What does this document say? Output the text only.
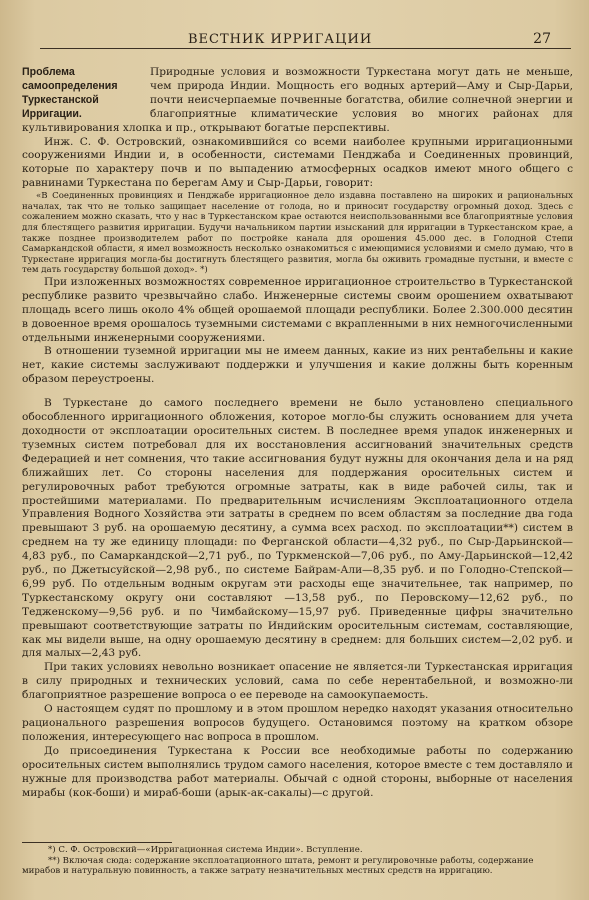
ВЕСТНИК ИРРИГАЦИИ	27
Проблема самоопределения Туркестанской Ирригации.

Природные условия и возможности Туркестана могут дать не меньше, чем природа Индии. Мощность его водных артерий—Аму и Сыр-Дарьи, почти неисчерпаемые почвенные богатства, обилие солнечной энергии и благоприятные климатические условия во многих районах для культивирования хлопка и пр., открывают богатые перспективы.

Инж. С. Ф. Островский, ознакомившийся со всеми наиболее крупными ирригационными сооружениями Индии и, в особенности, системами Пенджаба и Соединенных провинций, которые по характеру почв и по выпадению атмосферных осадков имеют много общего с равнинами Туркестана по берегам Аму и Сыр-Дарьи, говорит:

«В Соединенных провинциях и Пенджабе ирригационное дело издавна поставлено на широких и рациональных началах, так что не только защищает население от голода, но и приносит государству огромный доход. Здесь с сожалением можно сказать, что у нас в Туркестанском крае остаются неиспользованными все благоприятные условия для блестящего развития ирригации. Будучи начальником партии изысканий для ирригации в Туркестанском крае, а также позднее производителем работ по постройке канала для орошения 45.000 дес. в Голодной Степи Самаркандской области, я имел возможность несколько ознакомиться с имеющимися условиями и смело думаю, что в Туркестане ирригация могла-бы достигнуть блестящего развития, могла бы оживить громадные пустыни, и вместе с тем дать государству большой доход». *)

При изложенных возможностях современное ирригационное строительство в Туркестанской республике развито чрезвычайно слабо. Инженерные системы своим орошением охватывают площадь всего лишь около 4% общей орошаемой площади республики. Более 2.300.000 десятин в довоенное время орошалось туземными системами с вкрапленными в них немногочисленными отдельными инженерными сооружениями.

В отношении туземной ирригации мы не имеем данных, какие из них рентабельны и какие нет, какие системы заслуживают поддержки и улучшения и какие должны быть коренным образом переустроены.

В Туркестане до самого последнего времени не было установлено специального обособленного ирригационного обложения, которое могло-бы служить основанием для учета доходности от эксплоатации оросительных систем. В последнее время упадок инженерных и туземных систем потребовал для их восстановления ассигнований значительных средств Федерацией и нет сомнения, что такие ассигнования будут нужны для окончания дела и на ряд ближайших лет. Со стороны населения для поддержания оросительных систем и регулировочных работ требуются огромные затраты, как в виде рабочей силы, так и простейшими материалами. По предварительным исчислениям Эксплоатационного отдела Управления Водного Хозяйства эти затраты в среднем по всем областям за последние два года превышают 3 руб. на орошаемую десятину, а сумма всех расход. по эксплоатации**) систем в среднем на ту же единицу площади: по Ферганской области—4,32 руб., по Сыр-Дарьинской—4,83 руб., по Самаркандской—2,71 руб., по Туркменской—7,06 руб., по Аму-Дарьинской—12,42 руб., по Джетысуйской—2,98 руб., по системе Байрам-Али—8,35 руб. и по Голодно-Степской—6,99 руб. По отдельным водным округам эти расходы еще значительнее, так например, по Туркестанскому округу они составляют —13,58 руб., по Перовскому—12,62 руб., по Тедженскому—9,56 руб. и по Чимбайскому—15,97 руб. Приведенные цифры значительно превышают соответствующие затраты по Индийским оросительным системам, составляющие, как мы видели выше, на одну орошаемую десятину в среднем: для больших систем—2,02 руб. и для малых—2,43 руб.

При таких условиях невольно возникает опасение не является-ли Туркестанская ирригация в силу природных и технических условий, сама по себе нерентабельной, и возможно-ли благоприятное разрешение вопроса о ее переводе на самоокупаемость.

О настоящем судят по прошлому и в этом прошлом нередко находят указания относительно рационального разрешения вопросов будущего. Остановимся поэтому на кратком обзоре положения, интересующего нас вопроса в прошлом.

До присоединения Туркестана к России все необходимые работы по содержанию оросительных систем выполнялись трудом самого населения, которое вместе с тем доставляло и нужные для производства работ материалы. Обычай с одной стороны, выборные от населения мирабы (кок-боши) и мираб-боши (арык-ак-сакалы)—с другой.

*) С. Ф. Островский—«Ирригационная система Индии». Вступление.

**) Включая сюда: содержание эксплоатационного штата, ремонт и регулировочные работы, содержание мирабов и натуральную повинность, а также затрату незначительных местных средств на ирригацию.
